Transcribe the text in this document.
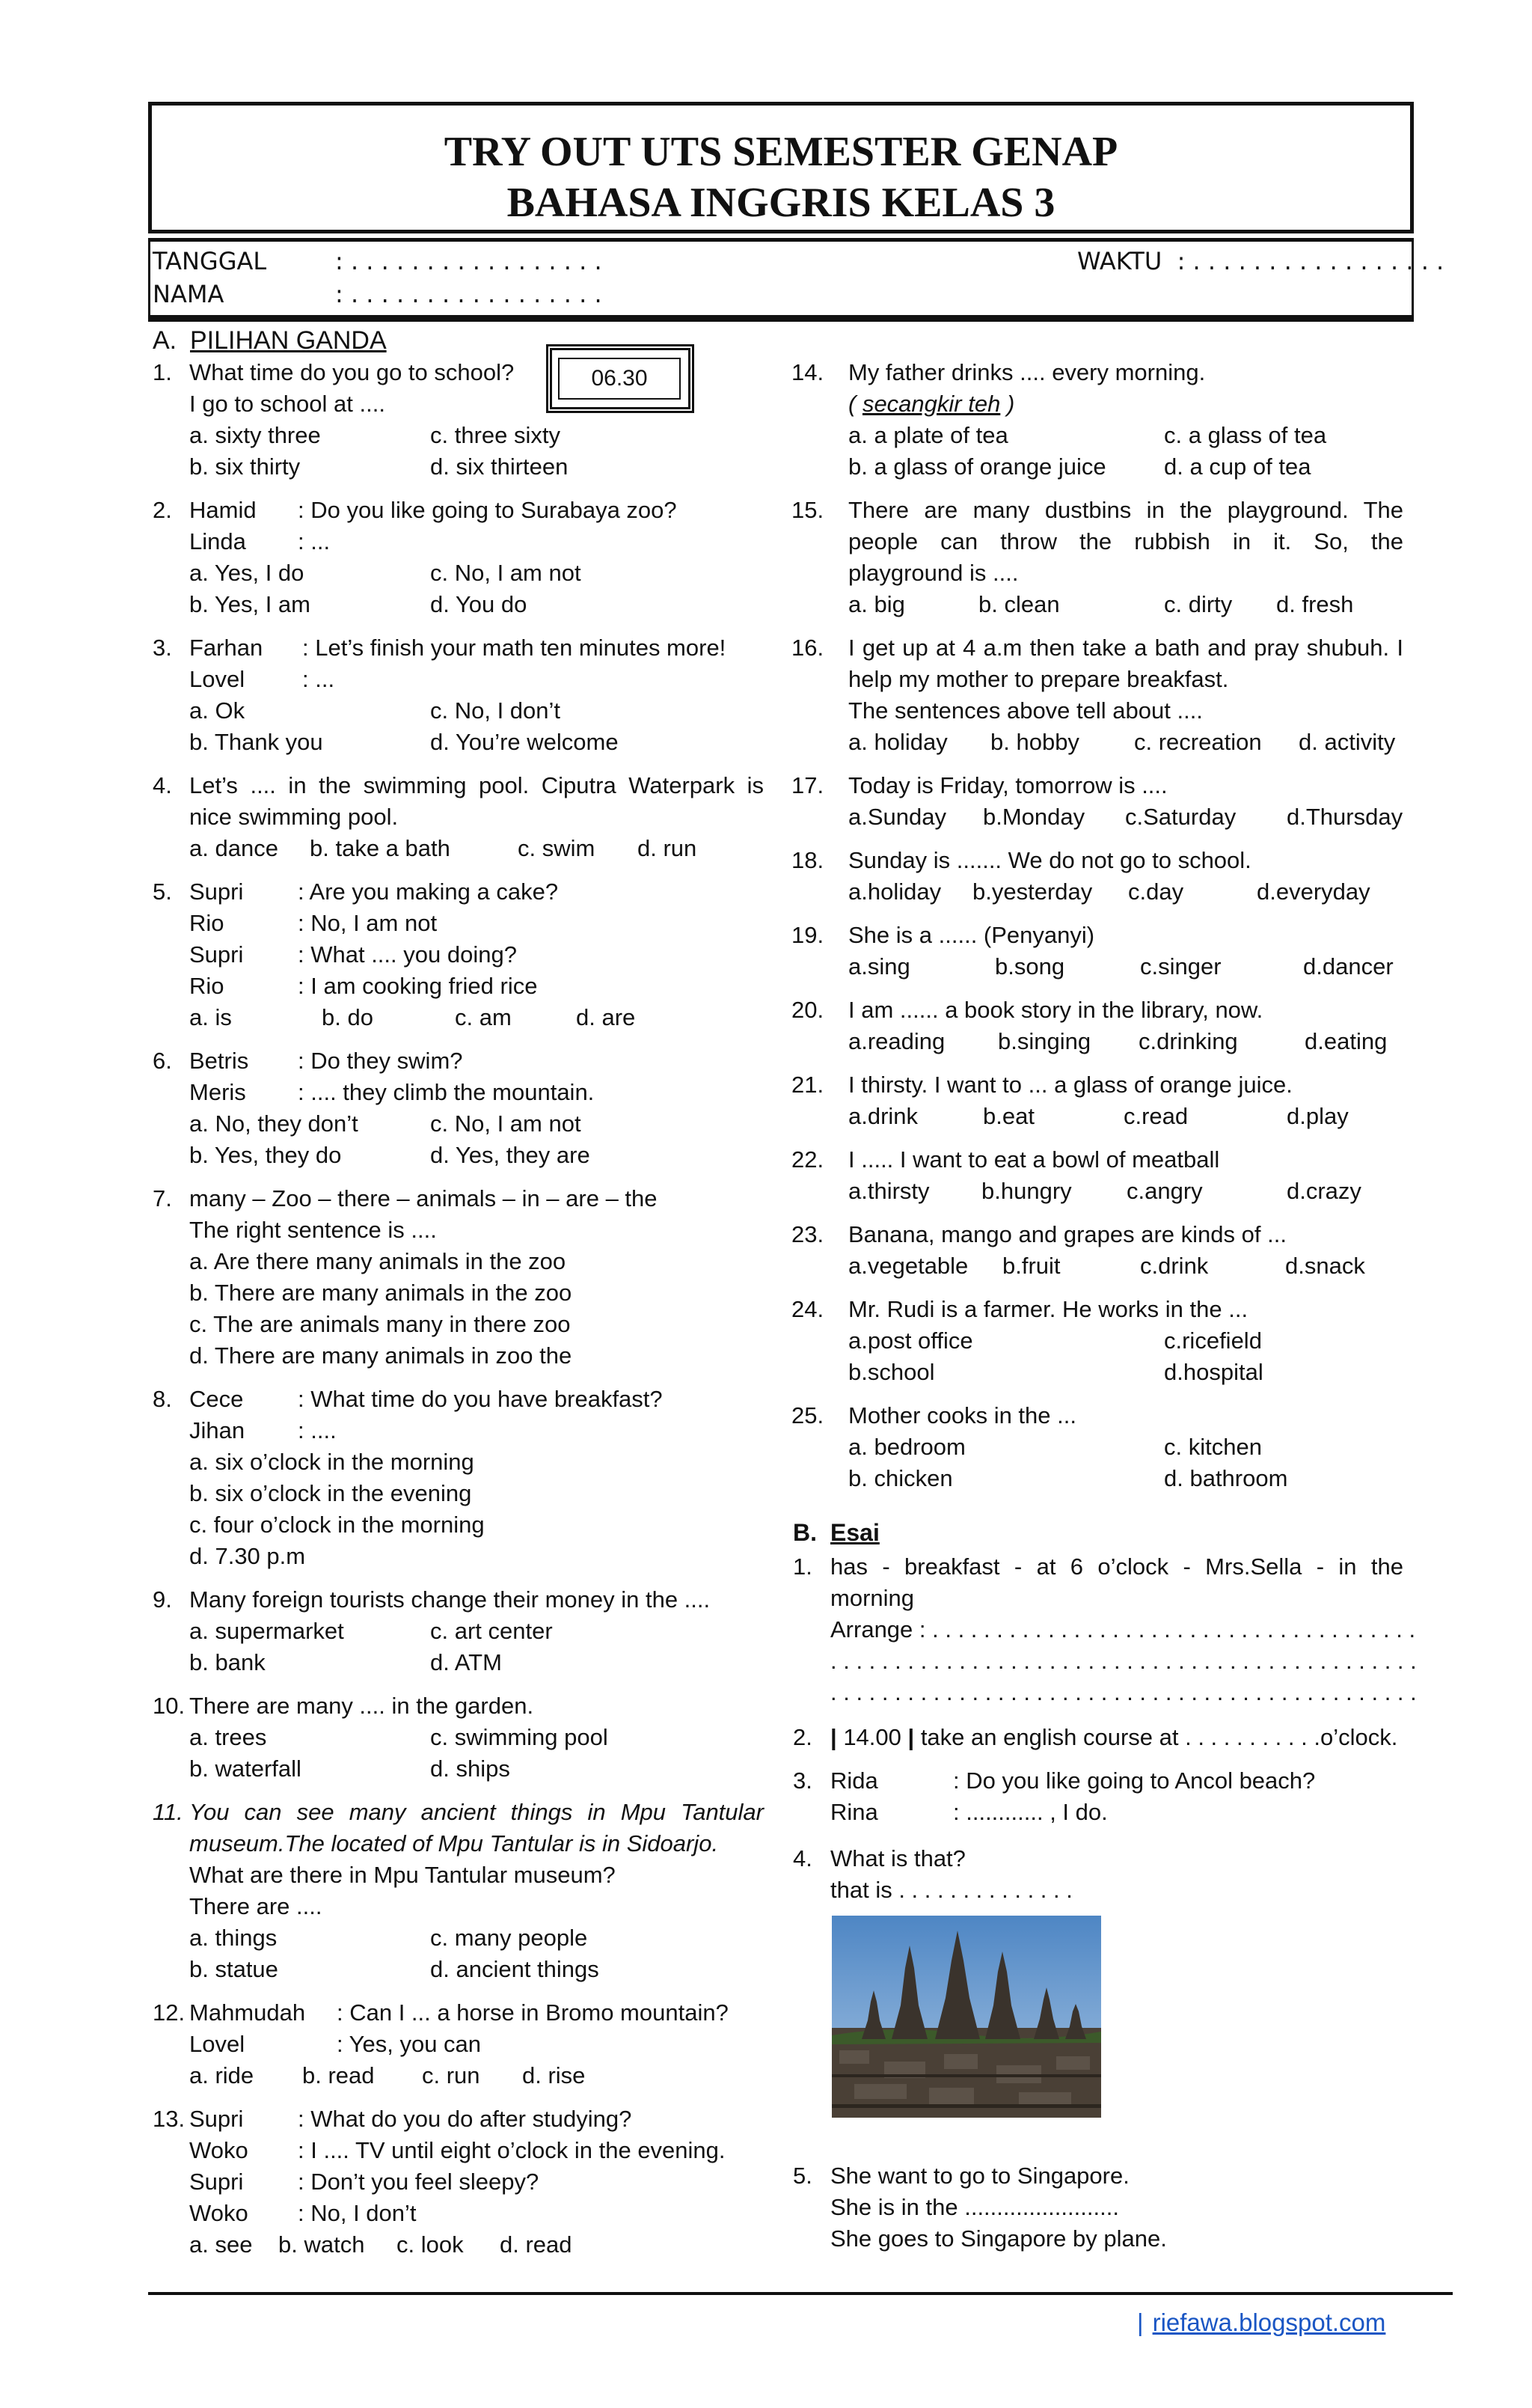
TRY OUT UTS SEMESTER GENAP
BAHASA INGGRIS KELAS 3
TANGGAL	: . . . . . . . . . . . . . . . . .
NAMA	: . . . . . . . . . . . . . . . . .
WAKTU  : . . . . . . . . . . . . . . . . .
A. PILIHAN GANDA
06.30
1. What time do you go to school?
I go to school at ....
a. sixty three	c. three sixty
b. six thirty	d. six thirteen
2. Hamid : Do you like going to Surabaya zoo?
Linda : ...
a. Yes, I do	c. No, I am not
b. Yes, I am	d. You do
3. Farhan : Let’s finish your math ten minutes more!
Lovel : ...
a. Ok	c. No, I don’t
b. Thank you	d. You’re welcome
4. Let’s .... in the swimming pool. Ciputra Waterpark is
nice swimming pool.
a. dance b. take a bath	c. swim d. run
5. Supri : Are you making a cake?
Rio	: No, I am not
Supri : What .... you doing?
Rio	: I am cooking fried rice
a. is	b. do	c. am	d. are
6. Betris : Do they swim?
Meris : .... they climb the mountain.
a. No, they don’t	c. No, I am not
b. Yes, they do	d. Yes, they are
7. many – Zoo – there – animals – in – are – the
The right sentence is ....
a. Are there many animals in the zoo
b. There are many animals in the zoo
c. The are animals many in there zoo
d. There are many animals in zoo the
8. Cece : What time do you have breakfast?
Jihan : ....
a. six o’clock in the morning
b. six o’clock in the evening
c. four o’clock in the morning
d. 7.30 p.m
9. Many foreign tourists change their money in the ....
a. supermarket	c. art center
b. bank	d. ATM
10. There are many .... in the garden.
a. trees	c. swimming pool
b. waterfall	d. ships
11. You can see many ancient things in Mpu Tantular
museum.The located of Mpu Tantular is in Sidoarjo.
What are there in Mpu Tantular museum?
There are ....
a. things	c. many people
b. statue	d. ancient things
12. Mahmudah : Can I ... a horse in Bromo mountain?
Lovel	: Yes, you can
a. ride b. read c. run d. rise
13. Supri : What do you do after studying?
Woko : I .... TV until eight o’clock in the evening.
Supri : Don’t you feel sleepy?
Woko : No, I don’t
a. see b. watch c. look d. read
14. My father drinks .... every morning.
( secangkir teh )
a. a plate of tea	c. a glass of tea
b. a glass of orange juice d. a cup of tea
15. There are many dustbins in the playground. The
people can throw the rubbish in it. So, the
playground is ....
a. big	b. clean	c. dirty d. fresh
16. I get up at 4 a.m then take a bath and pray shubuh. I
help my mother to prepare breakfast.
The sentences above tell about ....
a. holiday b. hobby c. recreation d. activity
17. Today is Friday, tomorrow is ....
a.Sunday b.Monday c.Saturday d.Thursday
18. Sunday is ....... We do not go to school.
a.holiday b.yesterday c.day	d.everyday
19. She is a ...... (Penyanyi)
a.sing	b.song	c.singer	d.dancer
20. I am ...... a book story in the library, now.
a.reading b.singing c.drinking	d.eating
21. I thirsty. I want to ... a glass of orange juice.
a.drink	b.eat	c.read	d.play
22. I ..... I want to eat a bowl of meatball
a.thirsty b.hungry c.angry	d.crazy
23. Banana, mango and grapes are kinds of ...
a.vegetable b.fruit	c.drink	d.snack
24. Mr. Rudi is a farmer. He works in the ...
a.post office	c.ricefield
b.school	d.hospital
25. Mother cooks in the ...
a. bedroom	c. kitchen
b. chicken	d. bathroom
B. Esai
1. has - breakfast - at 6 o’clock - Mrs.Sella - in the
morning
Arrange : . . . . . . . . . . . . . . . . . . . . . . . . . . . . . . . . . . . . . .
. . . . . . . . . . . . . . . . . . . . . . . . . . . . . . . . . . . . . . . . . . . . . .
. . . . . . . . . . . . . . . . . . . . . . . . . . . . . . . . . . . . . . . . . . . . . .
2. | 14.00 | take an english course at . . . . . . . . . . .o’clock.
3. Rida	: Do you like going to Ancol beach?
Rina	: ............ , I do.
4. What is that?
that is . . . . . . . . . . . . . .
5. She want to go to Singapore.
She is in the ........................
She goes to Singapore by plane.
| riefawa.blogspot.com
